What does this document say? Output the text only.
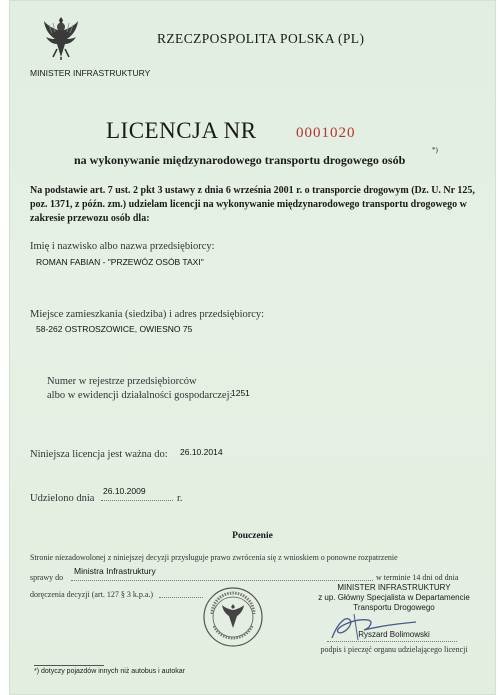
RZECZPOSPOLITA POLSKA (PL)
MINISTER INFRASTRUKTURY
LICENCJA NR	0001020
na wykonywanie międzynarodowego transportu drogowego osób
*)
Na podstawie art. 7 ust. 2 pkt 3 ustawy z dnia 6 września 2001 r. o transporcie drogowym (Dz. U. Nr 125, poz. 1371, z późn. zm.) udzielam licencji na wykonywanie międzynarodowego transportu drogowego w zakresie przewozu osób dla:
Imię i nazwisko albo nazwa przedsiębiorcy:
ROMAN FABIAN - "PRZEWÓZ OSÓB TAXI"
Miejsce zamieszkania (siedziba) i adres przedsiębiorcy:
58-262 OSTROSZOWICE, OWIESNO 75
Numer w rejestrze przedsiębiorców
albo w ewidencji działalności gospodarczej:
1251
Niniejsza licencja jest ważna do: 26.10.2014
Udzielono dnia
26.10.2009
r.
Pouczenie
Stronie niezadowolonej z niniejszej decyzji przysługuje prawo zwrócenia się z wnioskiem o ponowne rozpatrzenie
sprawy do
Ministra Infrastruktury
w terminie 14 dni od dnia
doręczenia decyzji (art. 127 § 3 k.p.a.)
MINISTER INFRASTRUKTURY
z up. Główny Specjalista w Departamencie
Transportu Drogowego
Ryszard Bolimowski
podpis i pieczęć organu udzielającego licencji
*) dotyczy pojazdów innych niż autobus i autokar
